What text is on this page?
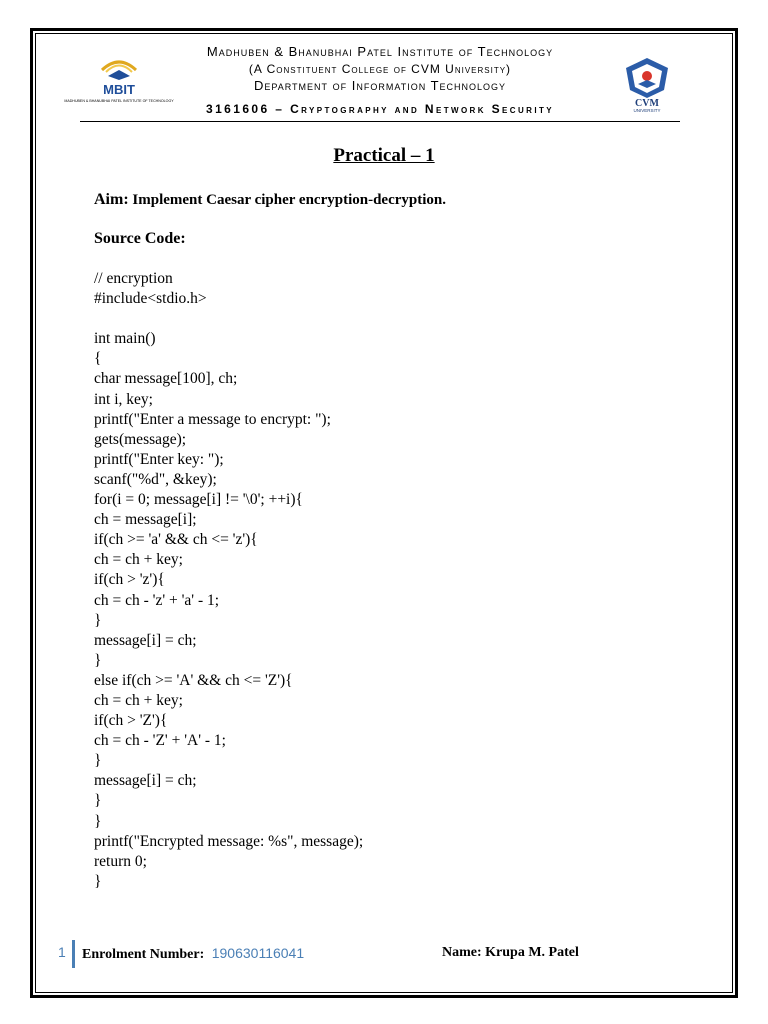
MBIT
MADHUBEN & BHANUBHAI PATEL INSTITUTE OF TECHNOLOGY
Madhuben & Bhanubhai Patel Institute of Technology
(A Constituent College of CVM University)
Department of Information Technology
3161606 – Cryptography and Network Security	CVM
UNIVERSITY
Practical – 1
Aim: Implement Caesar cipher encryption-decryption.
Source Code:
// encryption
#include<stdio.h>
int main()
{
char message[100], ch;
int i, key;
printf("Enter a message to encrypt: ");
gets(message);
printf("Enter key: ");
scanf("%d", &key);
for(i = 0; message[i] != '\0'; ++i){
ch = message[i];
if(ch >= 'a' && ch <= 'z'){
ch = ch + key;
if(ch > 'z'){
ch = ch - 'z' + 'a' - 1;
}
message[i] = ch;
}
else if(ch >= 'A' && ch <= 'Z'){
ch = ch + key;
if(ch > 'Z'){
ch = ch - 'Z' + 'A' - 1;
}
message[i] = ch;
}
}
printf("Encrypted message: %s", message);
return 0;
}
1 Enrolment Number: 190630116041	Name: Krupa M. Patel
